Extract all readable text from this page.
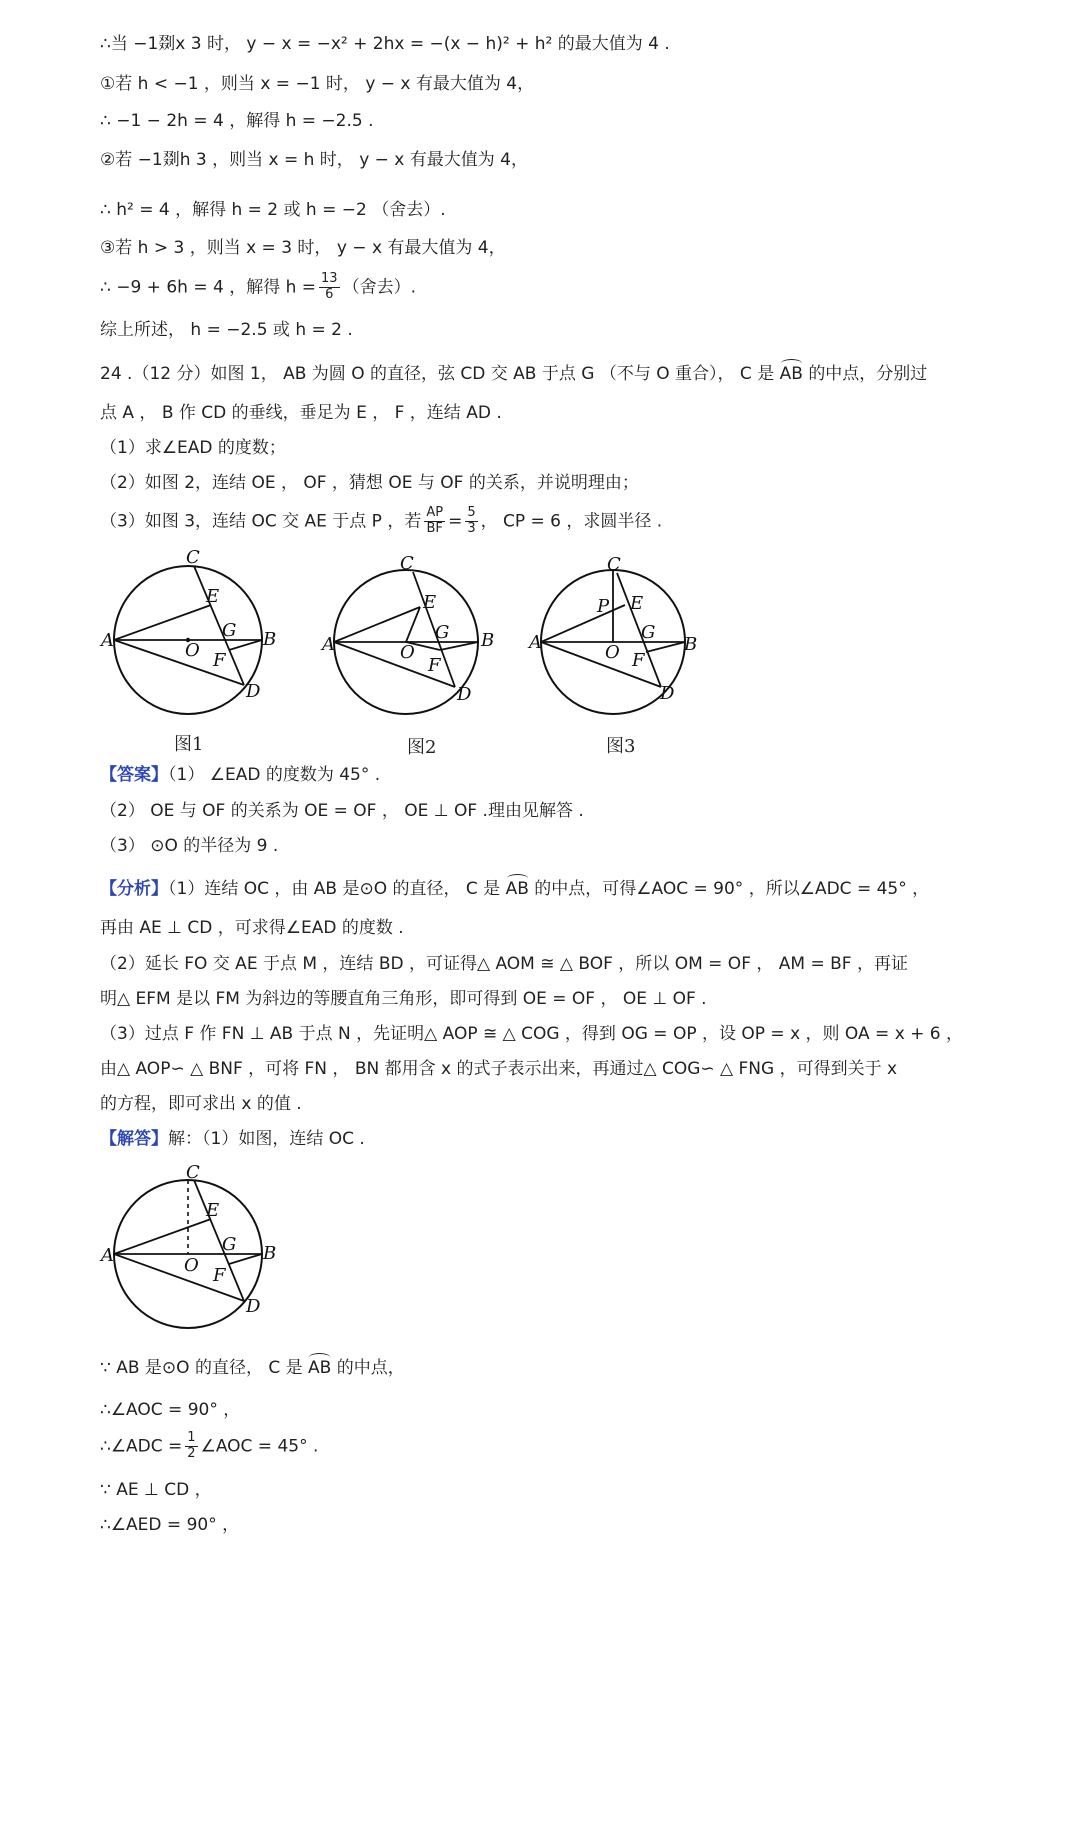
∴当 −1剟x 3 时， y − x = −x² + 2hx = −(x − h)² + h² 的最大值为 4 .
①若 h < −1 ，则当 x = −1 时， y − x 有最大值为 4，
∴ −1 − 2h = 4 ，解得 h = −2.5 .
②若 −1剟h 3 ，则当 x = h 时， y − x 有最大值为 4，
∴ h² = 4 ，解得 h = 2 或 h = −2 （舍去）.
③若 h > 3 ，则当 x = 3 时， y − x 有最大值为 4，
∴ −9 + 6h = 4 ，解得 $h = \frac{13}{6}$ （舍去）.
综上所述， h = −2.5 或 h = 2 .
24 .（12 分）如图 1， AB 为圆 O 的直径，弦 CD 交 AB 于点 G （不与 O 重合）， C 是 AB 的中点，分别过
点 A ， B 作 CD 的垂线，垂足为 E ， F ，连结 AD .
（1）求∠EAD 的度数；
（2）如图 2，连结 OE ， OF ，猜想 OE 与 OF 的关系，并说明理由；
（3）如图 3，连结 OC 交 AE 于点 P ，若 $\frac{AP}{BF} = \frac{5}{3}$ ， CP = 6 ，求圆半径 .
C
E
G
A	B
O F
D
图1
C
E
G
A	B
O
F
D
图2
C
P E
G
A	B
O F
D
图3
【答案】（1） ∠EAD 的度数为 45° .
（2） OE 与 OF 的关系为 OE = OF ， OE ⊥ OF .理由见解答 .
（3） ⊙O 的半径为 9 .
【分析】（1）连结 OC ，由 AB 是⊙O 的直径， C 是 AB 的中点，可得∠AOC = 90° ，所以∠ADC = 45° ，
再由 AE ⊥ CD ，可求得∠EAD 的度数 .
（2）延长 FO 交 AE 于点 M ，连结 BD ，可证得△ AOM ≅ △ BOF ，所以 OM = OF ， AM = BF ，再证
明△ EFM 是以 FM 为斜边的等腰直角三角形，即可得到 OE = OF ， OE ⊥ OF .
（3）过点 F 作 FN ⊥ AB 于点 N ，先证明△ AOP ≅ △ COG ，得到 OG = OP ，设 OP = x ，则 OA = x + 6 ，
由△ AOP∽ △ BNF ，可将 FN ， BN 都用含 x 的式子表示出来，再通过△ COG∽ △ FNG ，可得到关于 x
的方程，即可求出 x 的值 .
【解答】解：（1）如图，连结 OC .
C
E
G
A	B
O F
D
∵ AB 是⊙O 的直径， C 是 AB 的中点，
∴∠AOC = 90° ，
∴∠ADC = $\frac{1}{2}$ ∠AOC = 45° .
∵ AE ⊥ CD ，
∴∠AED = 90° ，
